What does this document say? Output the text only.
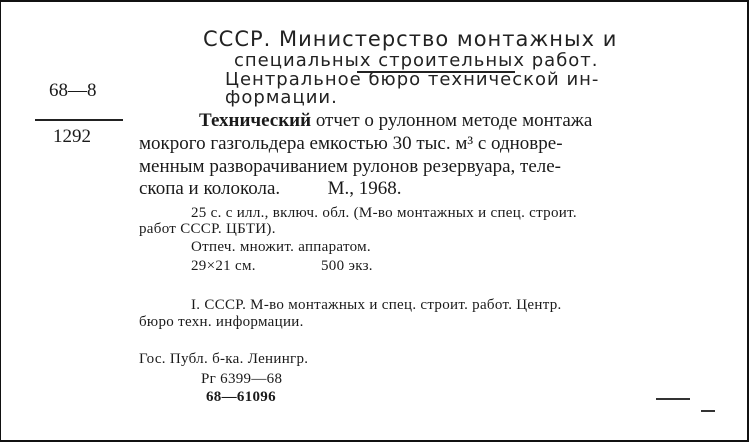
СССР. Министерство монтажных и
специальных строительных работ.
Центральное бюро технической ин-
формации.
68—8
1292
Технический отчет о рулонном методе монтажа
мокрого газгольдера емкостью 30 тыс. м³ с одновре-
менным разворачиванием рулонов резервуара, теле-
скопа и колокола.	М., 1968.
25 с. с илл., включ. обл. (М-во монтажных и спец. строит.
работ СССР. ЦБТИ).
Отпеч. множит. аппаратом.
29×21 см.	500 экз.
I. СССР. М-во монтажных и спец. строит. работ. Центр.
бюро техн. информации.
Гос. Публ. б-ка. Ленингр.
Рг 6399—68
68—61096
